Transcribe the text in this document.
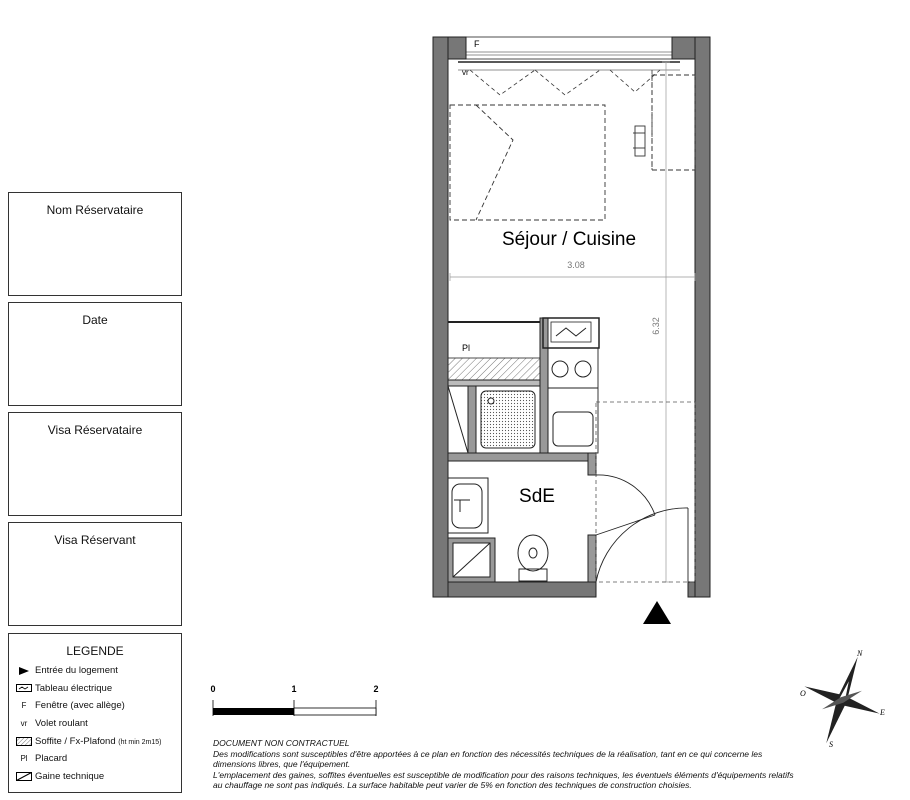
Nom Réservataire
Date
Visa Réservataire
Visa Réservant
LEGENDE
Entrée du logement
Tableau électrique
F Fenêtre (avec allège)
vr Volet roulant
Soffite / Fx-Plafond (ht min 2m15)
Pl Placard
Gaine technique
F
vr
Séjour / Cuisine
3.08
6.32
Pl
SdE
N
O
E
S
0	1	2
DOCUMENT NON CONTRACTUEL
Des modifications sont susceptibles d'être apportées à ce plan en fonction des nécessités techniques de la réalisation, tant en ce qui concerne les
dimensions libres, que l'équipement.
L'emplacement des gaines, soffites éventuelles est susceptible de modification pour des raisons techniques, les éventuels éléments d'équipements relatifs
au chauffage ne sont pas indiqués. La surface habitable peut varier de 5% en fonction des techniques de construction choisies.
